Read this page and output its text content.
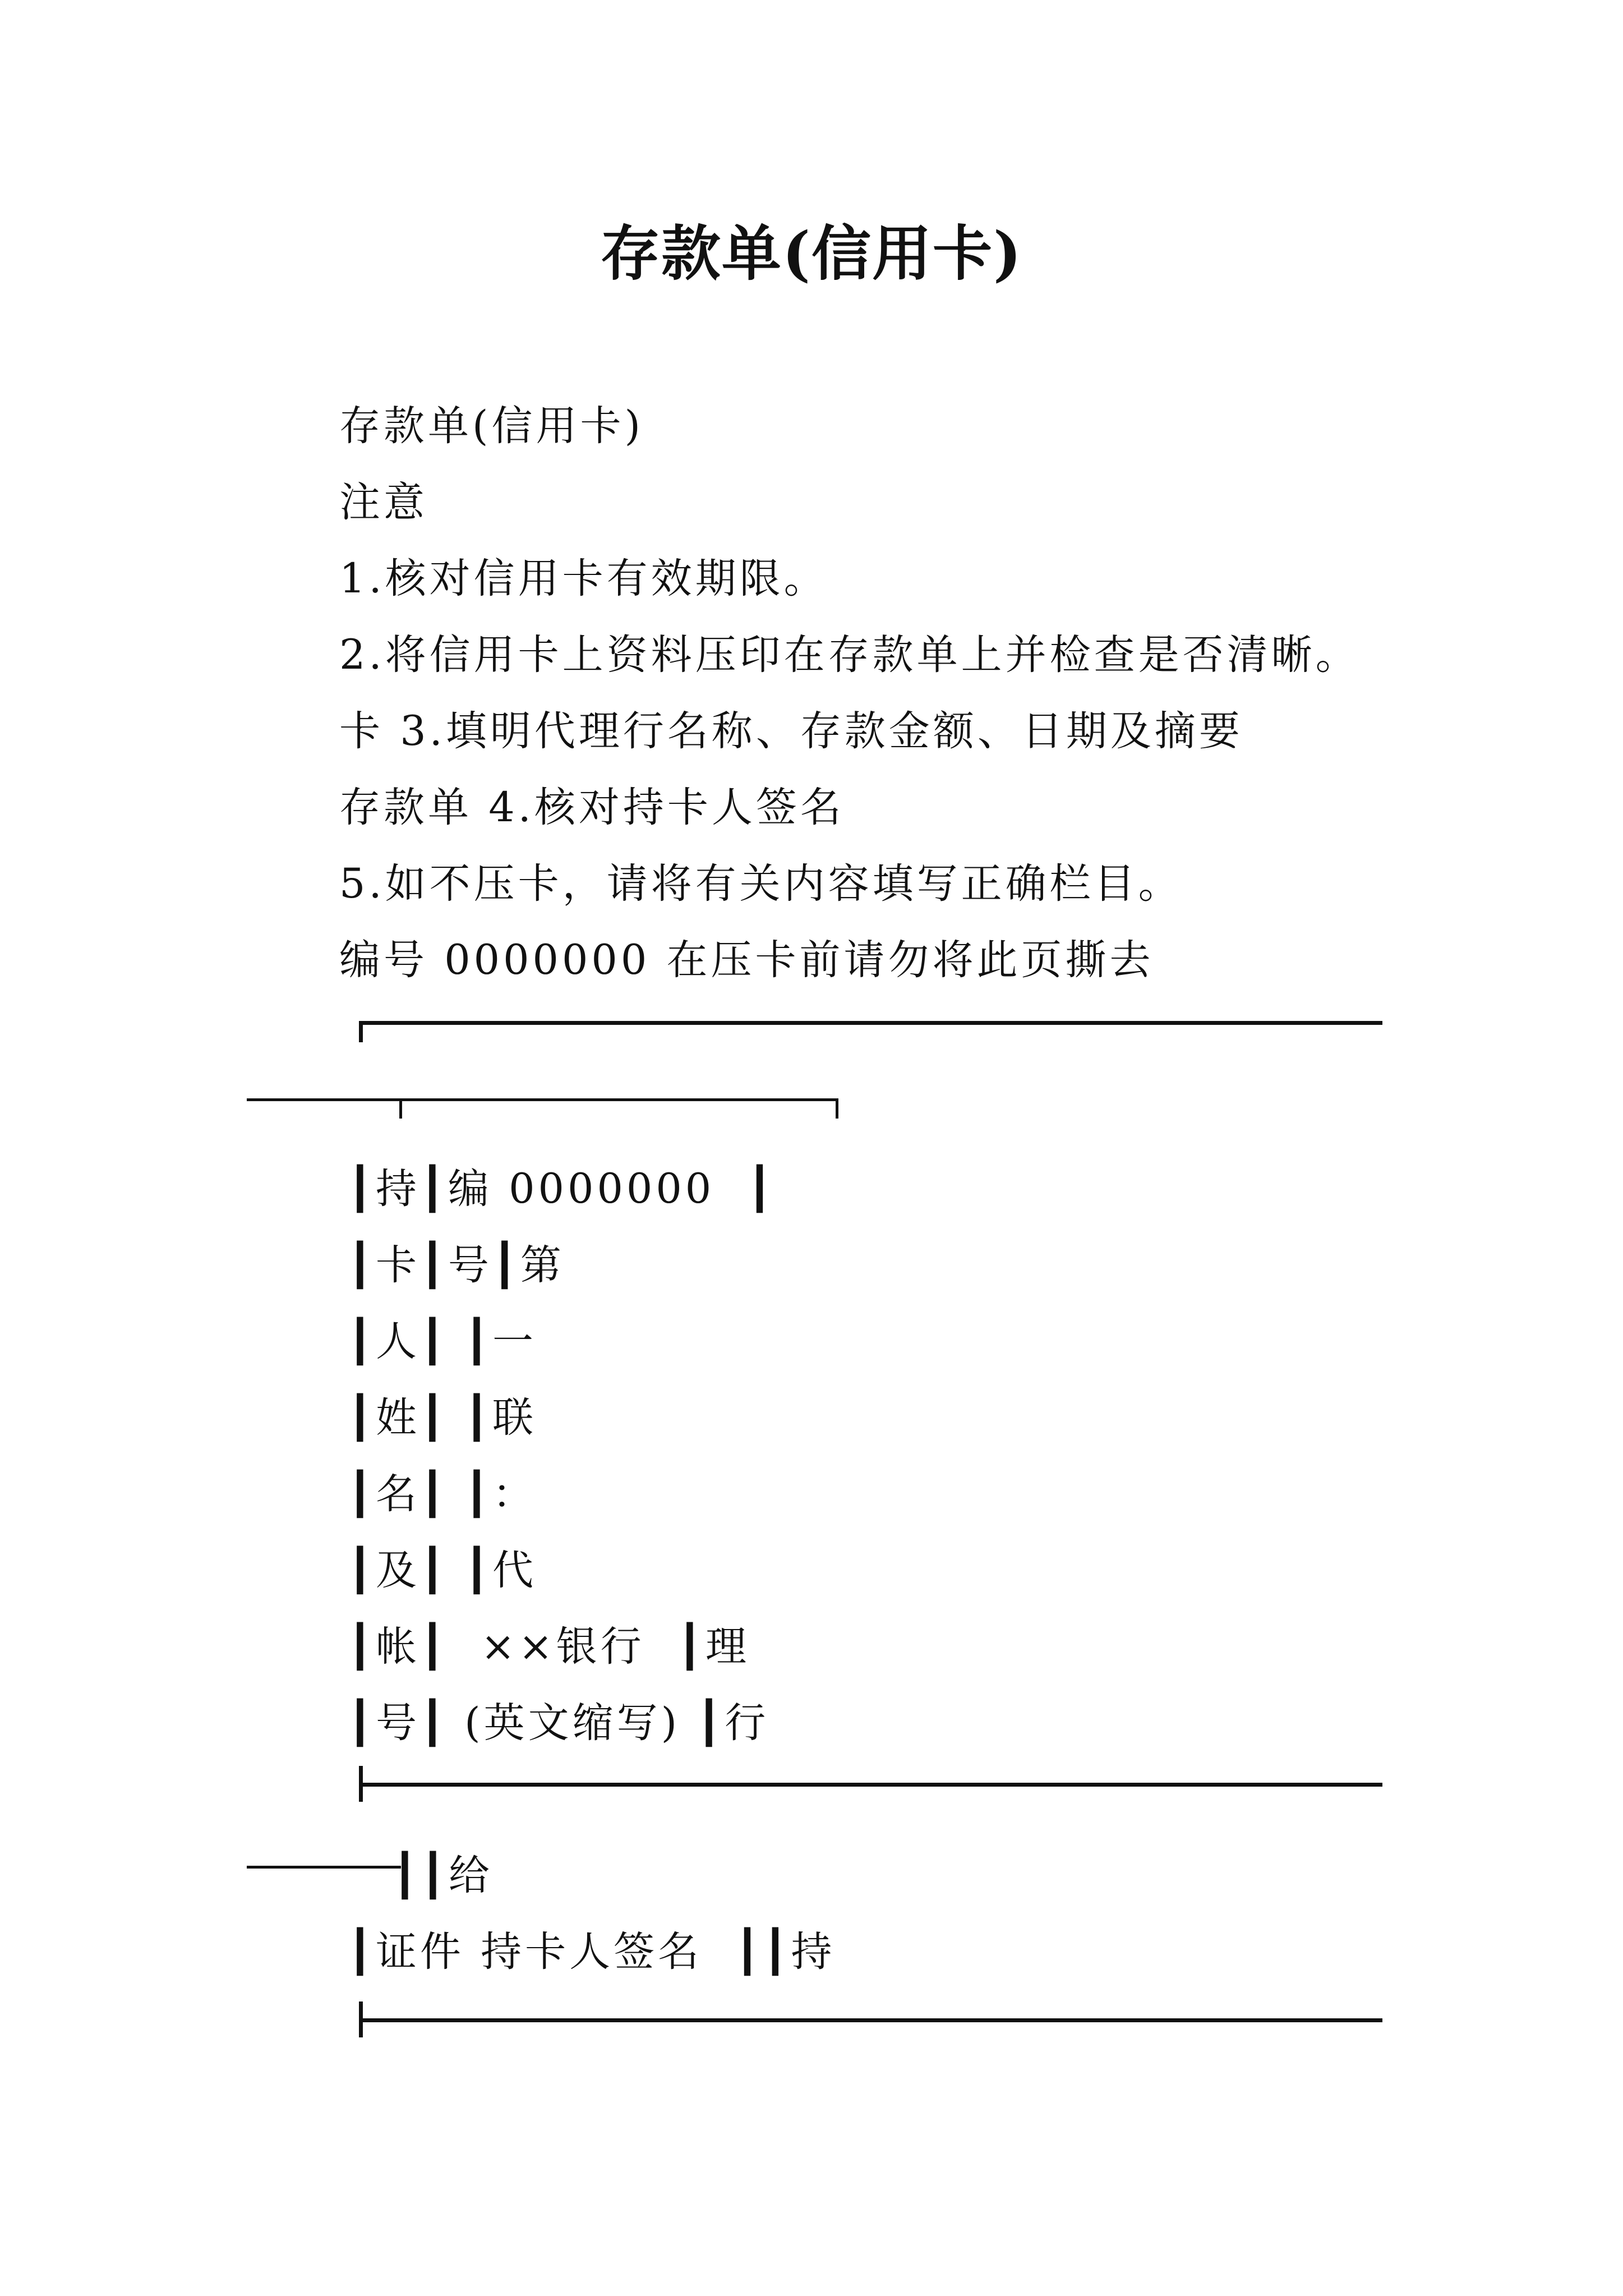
存款单(信用卡)
存款单(信用卡)
注意
1.核对信用卡有效期限。
2.将信用卡上资料压印在存款单上并检查是否清晰。
卡 3.填明代理行名称、存款金额、日期及摘要
存款单 4.核对持卡人签名
5.如不压卡，请将有关内容填写正确栏目。
编号 0000000 在压卡前请勿将此页撕去
┃持┃编 0000000  ┃
┃卡┃号┃第
┃人┃ ┃一
┃姓┃ ┃联
┃名┃ ┃：
┃及┃ ┃代
┃帐┃  ××银行  ┃理
┃号┃ (英文缩写) ┃行
┃┃给
┃证件 持卡人签名  ┃┃持
